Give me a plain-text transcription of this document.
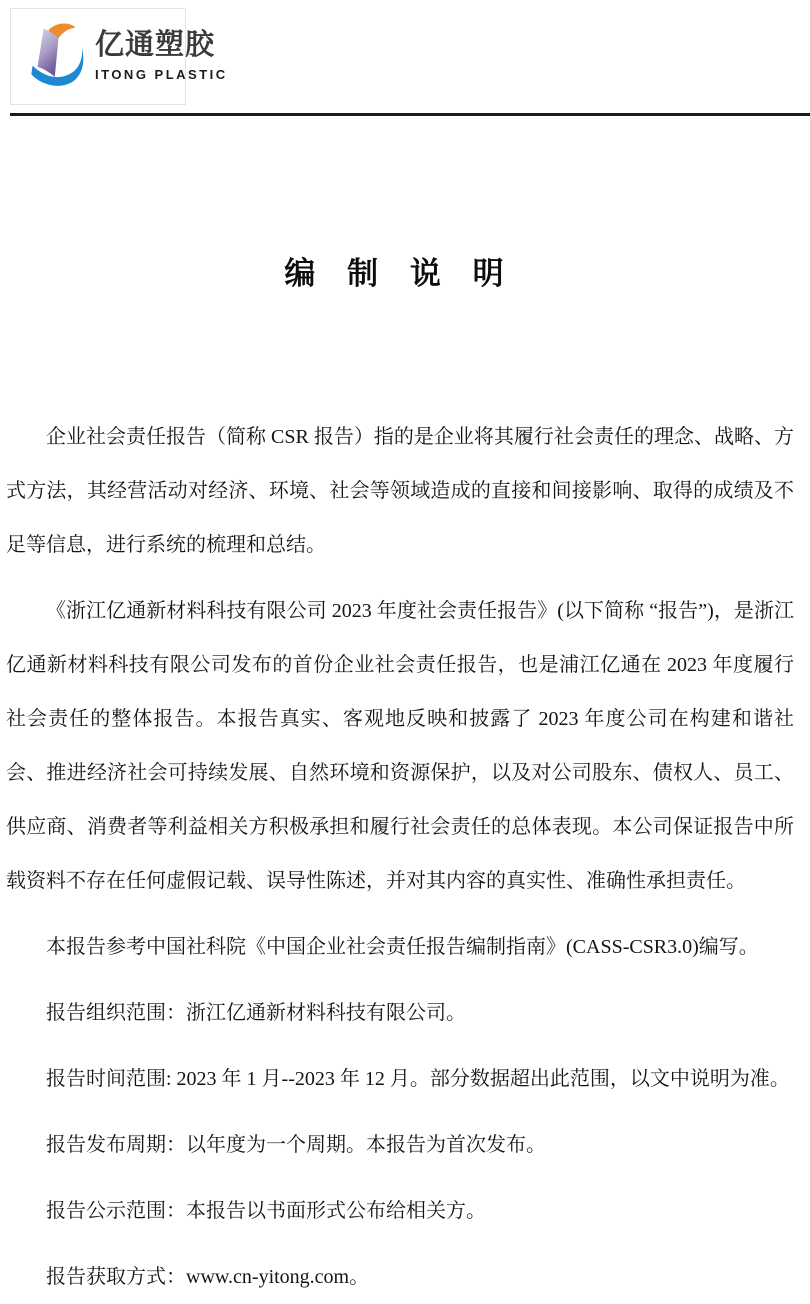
亿通塑胶
ITONG PLASTIC
编 制 说 明

企业社会责任报告（简称 CSR 报告）指的是企业将其履行社会责任的理念、战略、方式方法，其经营活动对经济、环境、社会等领域造成的直接和间接影响、取得的成绩及不足等信息，进行系统的梳理和总结。

《浙江亿通新材料科技有限公司 2023 年度社会责任报告》(以下简称 “报告”)，是浙江亿通新材料科技有限公司发布的首份企业社会责任报告，也是浦江亿通在 2023 年度履行社会责任的整体报告。本报告真实、客观地反映和披露了 2023 年度公司在构建和谐社会、推进经济社会可持续发展、自然环境和资源保护，以及对公司股东、债权人、员工、供应商、消费者等利益相关方积极承担和履行社会责任的总体表现。本公司保证报告中所载资料不存在任何虚假记载、误导性陈述，并对其内容的真实性、准确性承担责任。

本报告参考中国社科院《中国企业社会责任报告编制指南》(CASS-CSR3.0)编写。

报告组织范围：浙江亿通新材料科技有限公司。

报告时间范围: 2023 年 1 月--2023 年 12 月。部分数据超出此范围，以文中说明为准。

报告发布周期：以年度为一个周期。本报告为首次发布。

报告公示范围：本报告以书面形式公布给相关方。

报告获取方式：www.cn-yitong.com。
